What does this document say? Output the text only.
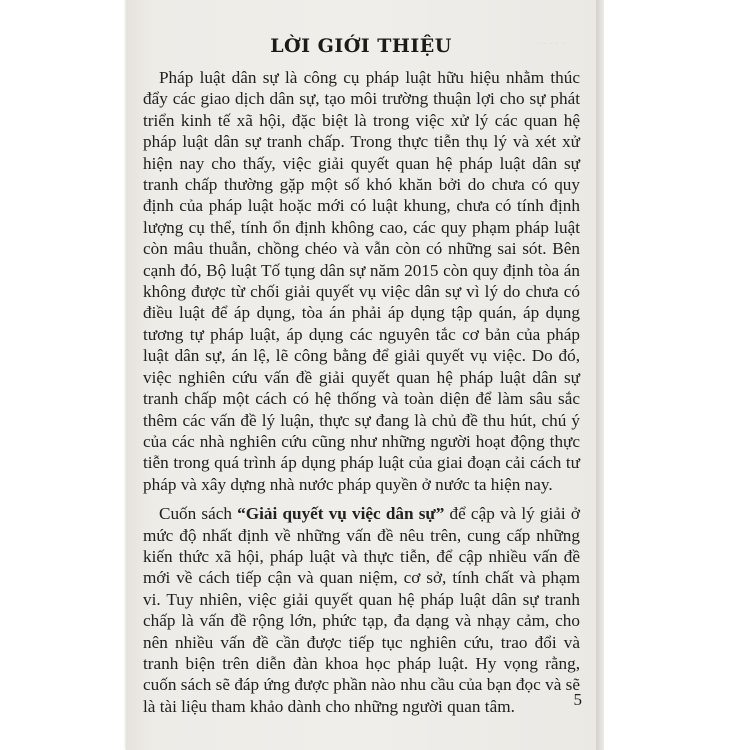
· · · · ·
LỜI GIỚI THIỆU

Pháp luật dân sự là công cụ pháp luật hữu hiệu nhằm thúc đẩy các giao dịch dân sự, tạo môi trường thuận lợi cho sự phát triển kinh tế xã hội, đặc biệt là trong việc xử lý các quan hệ pháp luật dân sự tranh chấp. Trong thực tiễn thụ lý và xét xử hiện nay cho thấy, việc giải quyết quan hệ pháp luật dân sự tranh chấp thường gặp một số khó khăn bởi do chưa có quy định của pháp luật hoặc mới có luật khung, chưa có tính định lượng cụ thể, tính ổn định không cao, các quy phạm pháp luật còn mâu thuẫn, chồng chéo và vẫn còn có những sai sót. Bên cạnh đó, Bộ luật Tố tụng dân sự năm 2015 còn quy định tòa án không được từ chối giải quyết vụ việc dân sự vì lý do chưa có điều luật để áp dụng, tòa án phải áp dụng tập quán, áp dụng tương tự pháp luật, áp dụng các nguyên tắc cơ bản của pháp luật dân sự, án lệ, lẽ công bằng để giải quyết vụ việc. Do đó, việc nghiên cứu vấn đề giải quyết quan hệ pháp luật dân sự tranh chấp một cách có hệ thống và toàn diện để làm sâu sắc thêm các vấn đề lý luận, thực sự đang là chủ đề thu hút, chú ý của các nhà nghiên cứu cũng như những người hoạt động thực tiễn trong quá trình áp dụng pháp luật của giai đoạn cải cách tư pháp và xây dựng nhà nước pháp quyền ở nước ta hiện nay.

Cuốn sách “Giải quyết vụ việc dân sự” để cập và lý giải ở mức độ nhất định về những vấn đề nêu trên, cung cấp những kiến thức xã hội, pháp luật và thực tiễn, để cập nhiều vấn đề mới về cách tiếp cận và quan niệm, cơ sở, tính chất và phạm vi. Tuy nhiên, việc giải quyết quan hệ pháp luật dân sự tranh chấp là vấn đề rộng lớn, phức tạp, đa dạng và nhạy cảm, cho nên nhiều vấn đề cần được tiếp tục nghiên cứu, trao đổi và tranh biện trên diễn đàn khoa học pháp luật. Hy vọng rằng, cuốn sách sẽ đáp ứng được phần nào nhu cầu của bạn đọc và sẽ là tài liệu tham khảo dành cho những người quan tâm.	5
